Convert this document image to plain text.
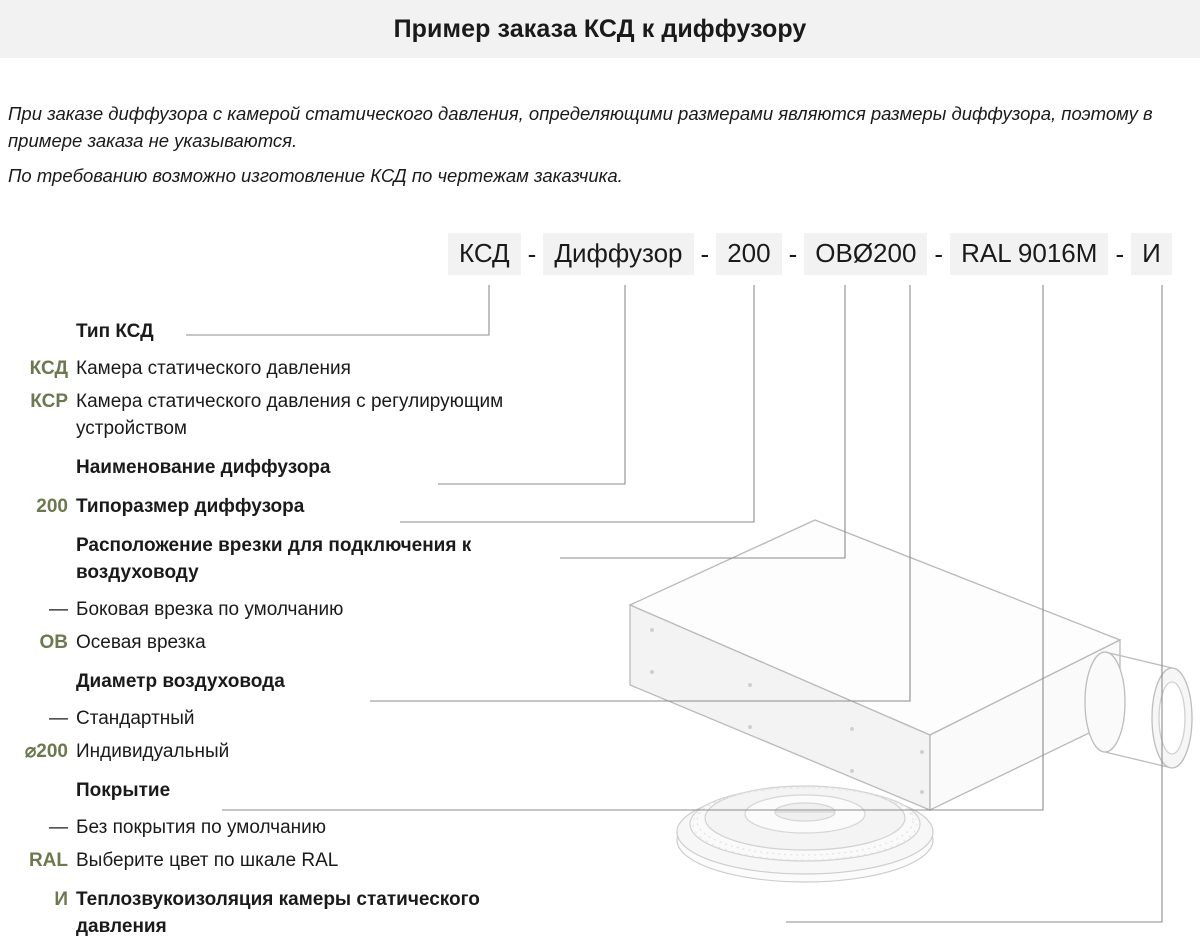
Пример заказа КСД к диффузору

При заказе диффузора с камерой статического давления, определяющими размерами являются размеры диффузора, поэтому в примере заказа не указываются.

По требованию возможно изготовление КСД по чертежам заказчика.

КСД - Диффузор - 200 - ОВØ200 - RAL 9016М - И
Тип КСД
КСД Камера статического давления
КСР Камера статического давления с регулирующим устройством
Наименование диффузора
200 Типоразмер диффузора
Расположение врезки для подключения к воздуховоду
— Боковая врезка по умолчанию
ОВ Осевая врезка
Диаметр воздуховода
— Стандартный
⌀200 Индивидуальный
Покрытие
— Без покрытия по умолчанию
RAL Выберите цвет по шкале RAL
И Теплозвукоизоляция камеры статического давления
